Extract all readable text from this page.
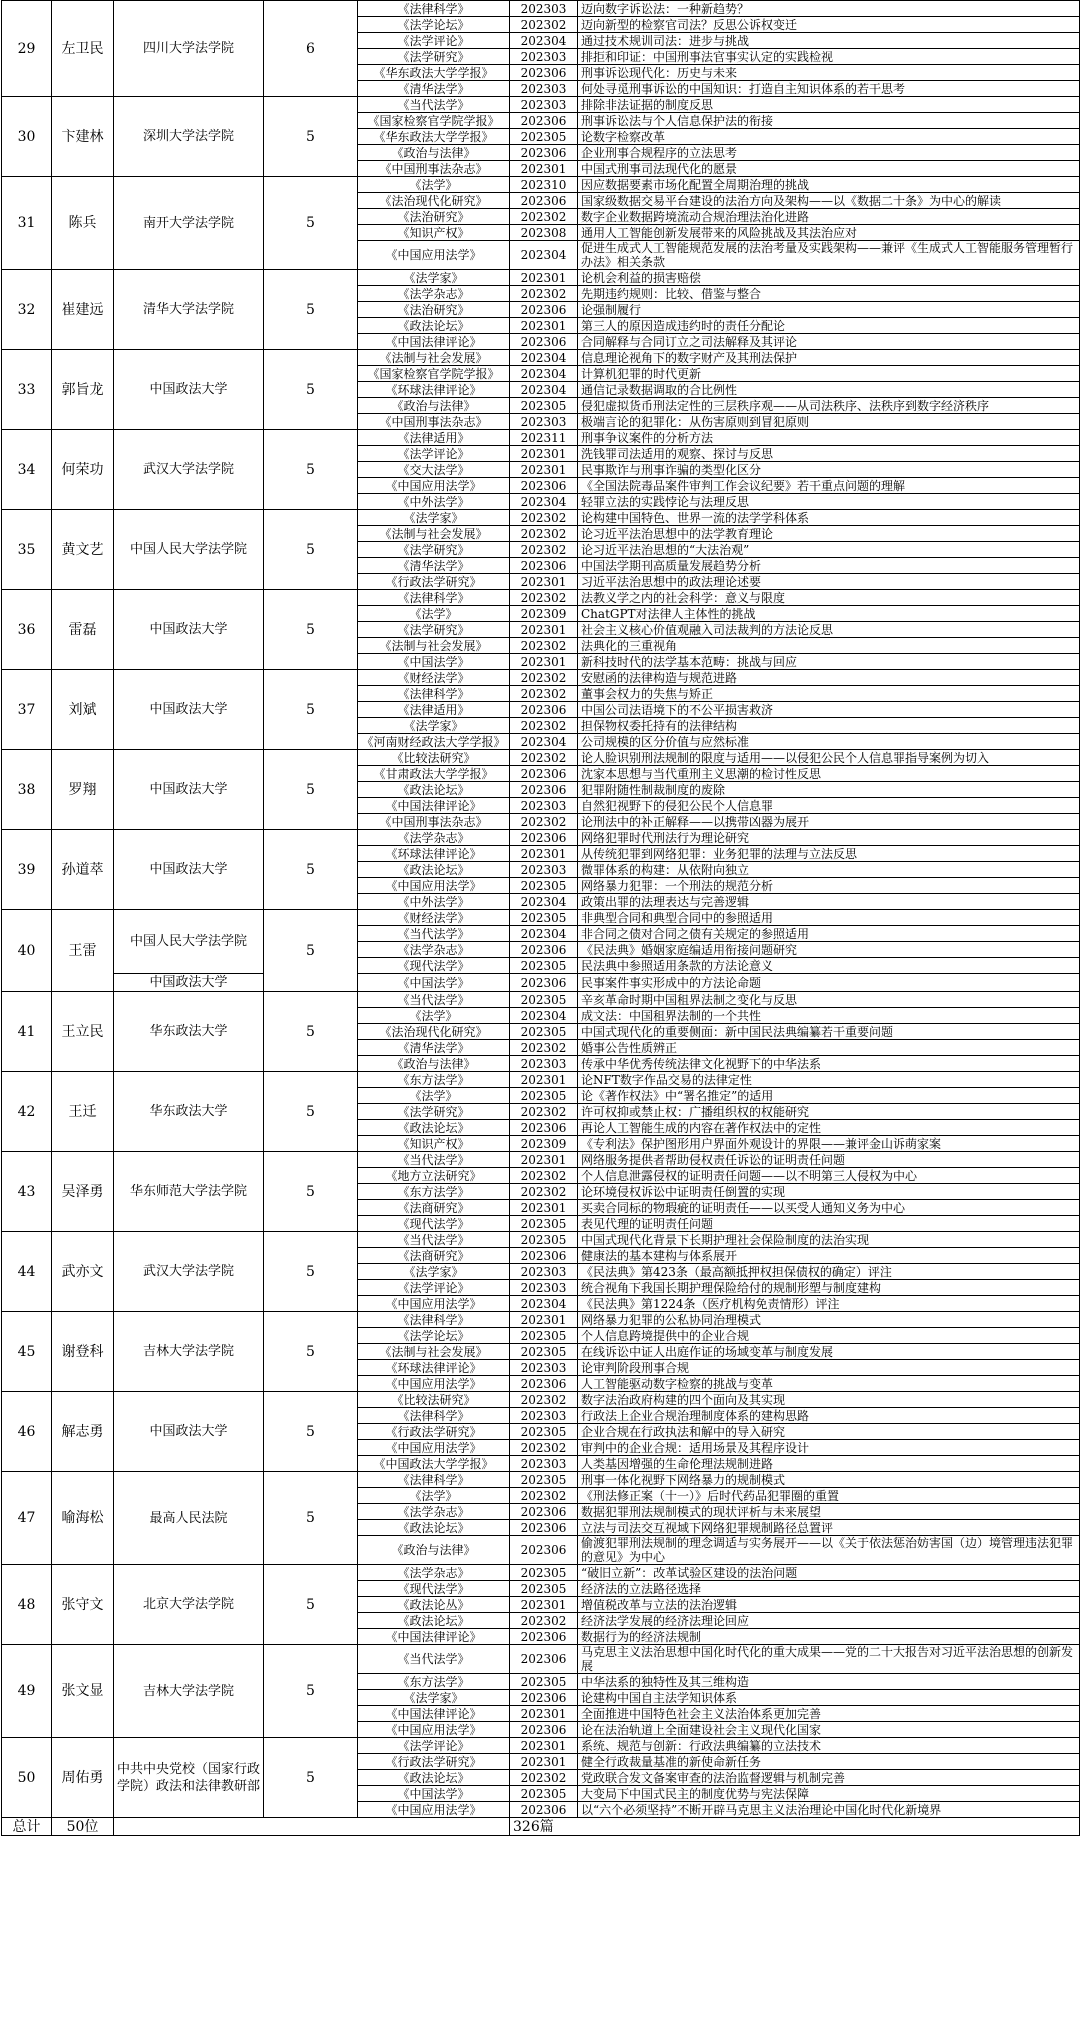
29	左卫民	四川大学法学院	6	《法律科学》	202303	迈向数字诉讼法：一种新趋势？
				《法学论坛》	202302	迈向新型的检察官司法？反思公诉权变迁
				《法学评论》	202304	通过技术规训司法：进步与挑战
				《法学研究》	202303	排拒和印证：中国刑事法官事实认定的实践检视
				《华东政法大学学报》	202306	刑事诉讼现代化：历史与未来
				《清华法学》	202303	何处寻觅刑事诉讼的中国知识：打造自主知识体系的若干思考
30	卞建林	深圳大学法学院	5	《当代法学》	202303	排除非法证据的制度反思
				《国家检察官学院学报》	202306	刑事诉讼法与个人信息保护法的衔接
				《华东政法大学学报》	202305	论数字检察改革
				《政治与法律》	202306	企业刑事合规程序的立法思考
				《中国刑事法杂志》	202301	中国式刑事司法现代化的愿景
31	陈兵	南开大学法学院	5	《法学》	202310	因应数据要素市场化配置全周期治理的挑战
				《法治现代化研究》	202306	国家级数据交易平台建设的法治方向及架构——以《数据二十条》为中心的解读
				《法治研究》	202302	数字企业数据跨境流动合规治理法治化进路
				《知识产权》	202308	通用人工智能创新发展带来的风险挑战及其法治应对
				《中国应用法学》	202304	促进生成式人工智能规范发展的法治考量及实践架构——兼评《生成式人工智能服务管理暂行办法》相关条款
32	崔建远	清华大学法学院	5	《法学家》	202301	论机会利益的损害赔偿
				《法学杂志》	202302	先期违约规则：比较、借鉴与整合
				《法治研究》	202306	论强制履行
				《政法论坛》	202301	第三人的原因造成违约时的责任分配论
				《中国法律评论》	202306	合同解释与合同订立之司法解释及其评论
33	郭旨龙	中国政法大学	5	《法制与社会发展》	202304	信息理论视角下的数字财产及其刑法保护
				《国家检察官学院学报》	202304	计算机犯罪的时代更新
				《环球法律评论》	202304	通信记录数据调取的合比例性
				《政治与法律》	202305	侵犯虚拟货币刑法定性的三层秩序观——从司法秩序、法秩序到数字经济秩序
				《中国刑事法杂志》	202303	极端言论的犯罪化：从伤害原则到冒犯原则
34	何荣功	武汉大学法学院	5	《法律适用》	202311	刑事争议案件的分析方法
				《法学评论》	202301	洗钱罪司法适用的观察、探讨与反思
				《交大法学》	202301	民事欺诈与刑事诈骗的类型化区分
				《中国应用法学》	202306	《全国法院毒品案件审判工作会议纪要》若干重点问题的理解
				《中外法学》	202304	轻罪立法的实践悖论与法理反思
35	黄文艺	中国人民大学法学院	5	《法学家》	202302	论构建中国特色、世界一流的法学学科体系
				《法制与社会发展》	202302	论习近平法治思想中的法学教育理论
				《法学研究》	202302	论习近平法治思想的“大法治观”
				《清华法学》	202306	中国法学期刊高质量发展趋势分析
				《行政法学研究》	202301	习近平法治思想中的政法理论述要
36	雷磊	中国政法大学	5	《法律科学》	202302	法教义学之内的社会科学：意义与限度
				《法学》	202309	ChatGPT对法律人主体性的挑战
				《法学研究》	202301	社会主义核心价值观融入司法裁判的方法论反思
				《法制与社会发展》	202302	法典化的三重视角
				《中国法学》	202301	新科技时代的法学基本范畴：挑战与回应
37	刘斌	中国政法大学	5	《财经法学》	202302	安慰函的法律构造与规范进路
				《法律科学》	202302	董事会权力的失焦与矫正
				《法律适用》	202306	中国公司法语境下的不公平损害救济
				《法学家》	202302	担保物权委托持有的法律结构
				《河南财经政法大学学报》	202304	公司规模的区分价值与应然标准
38	罗翔	中国政法大学	5	《比较法研究》	202302	论人脸识别刑法规制的限度与适用——以侵犯公民个人信息罪指导案例为切入
				《甘肃政法大学学报》	202306	沈家本思想与当代重刑主义思潮的检讨性反思
				《政法论坛》	202306	犯罪附随性制裁制度的废除
				《中国法律评论》	202303	自然犯视野下的侵犯公民个人信息罪
				《中国刑事法杂志》	202302	论刑法中的补正解释——以携带凶器为展开
39	孙道萃	中国政法大学	5	《法学杂志》	202306	网络犯罪时代刑法行为理论研究
				《环球法律评论》	202301	从传统犯罪到网络犯罪：业务犯罪的法理与立法反思
				《政法论坛》	202303	微罪体系的构建：从依附向独立
				《中国应用法学》	202305	网络暴力犯罪：一个刑法的规范分析
				《中外法学》	202304	政策出罪的法理表达与完善逻辑
40	王雷	中国人民大学法学院	5	《财经法学》	202305	非典型合同和典型合同中的参照适用
				《当代法学》	202304	非合同之债对合同之债有关规定的参照适用
				《法学杂志》	202306	《民法典》婚姻家庭编适用衔接问题研究
				《现代法学》	202305	民法典中参照适用条款的方法论意义
		中国政法大学		《中国法学》	202306	民事案件事实形成中的方法论命题
41	王立民	华东政法大学	5	《当代法学》	202305	辛亥革命时期中国租界法制之变化与反思
				《法学》	202304	成文法：中国租界法制的一个共性
				《法治现代化研究》	202305	中国式现代化的重要侧面：新中国民法典编纂若干重要问题
				《清华法学》	202302	婚事公告性质辨正
				《政治与法律》	202303	传承中华优秀传统法律文化视野下的中华法系
42	王迁	华东政法大学	5	《东方法学》	202301	论NFT数字作品交易的法律定性
				《法学》	202305	论《著作权法》中“署名推定”的适用
				《法学研究》	202302	许可权抑或禁止权：广播组织权的权能研究
				《政法论坛》	202306	再论人工智能生成的内容在著作权法中的定性
				《知识产权》	202309	《专利法》保护图形用户界面外观设计的界限——兼评金山诉萌家案
43	吴泽勇	华东师范大学法学院	5	《当代法学》	202301	网络服务提供者帮助侵权责任诉讼的证明责任问题
				《地方立法研究》	202302	个人信息泄露侵权的证明责任问题——以不明第三人侵权为中心
				《东方法学》	202302	论环境侵权诉讼中证明责任倒置的实现
				《法商研究》	202301	买卖合同标的物瑕疵的证明责任——以买受人通知义务为中心
				《现代法学》	202305	表见代理的证明责任问题
44	武亦文	武汉大学法学院	5	《当代法学》	202305	中国式现代化背景下长期护理社会保险制度的法治实现
				《法商研究》	202306	健康法的基本建构与体系展开
				《法学家》	202303	《民法典》第423条（最高额抵押权担保债权的确定）评注
				《法学评论》	202303	统合视角下我国长期护理保险给付的规制形塑与制度建构
				《中国应用法学》	202304	《民法典》第1224条（医疗机构免责情形）评注
45	谢登科	吉林大学法学院	5	《法律科学》	202301	网络暴力犯罪的公私协同治理模式
				《法学论坛》	202305	个人信息跨境提供中的企业合规
				《法制与社会发展》	202305	在线诉讼中证人出庭作证的场域变革与制度发展
				《环球法律评论》	202303	论审判阶段刑事合规
				《中国应用法学》	202306	人工智能驱动数字检察的挑战与变革
46	解志勇	中国政法大学	5	《比较法研究》	202302	数字法治政府构建的四个面向及其实现
				《法律科学》	202303	行政法上企业合规治理制度体系的建构思路
				《行政法学研究》	202305	企业合规在行政执法和解中的导入研究
				《中国应用法学》	202302	审判中的企业合规：适用场景及其程序设计
				《中国政法大学学报》	202303	人类基因增强的生命伦理法规制进路
47	喻海松	最高人民法院	5	《法律科学》	202305	刑事一体化视野下网络暴力的规制模式
				《法学》	202302	《刑法修正案（十一）》后时代药品犯罪圈的重置
				《法学杂志》	202306	数据犯罪刑法规制模式的现状评析与未来展望
				《政法论坛》	202306	立法与司法交互视域下网络犯罪规制路径总置评
				《政治与法律》	202306	偷渡犯罪刑法规制的理念调适与实务展开——以《关于依法惩治妨害国（边）境管理违法犯罪的意见》为中心
48	张守文	北京大学法学院	5	《法学杂志》	202305	“破旧立新”：改革试验区建设的法治问题
				《现代法学》	202305	经济法的立法路径选择
				《政法论丛》	202301	增值税改革与立法的法治逻辑
				《政法论坛》	202302	经济法学发展的经济法理论回应
				《中国法律评论》	202306	数据行为的经济法规制
49	张文显	吉林大学法学院	5	《当代法学》	202306	马克思主义法治思想中国化时代化的重大成果——党的二十大报告对习近平法治思想的创新发展
				《东方法学》	202305	中华法系的独特性及其三维构造
				《法学家》	202306	论建构中国自主法学知识体系
				《中国法律评论》	202301	全面推进中国特色社会主义法治体系更加完善
				《中国应用法学》	202306	论在法治轨道上全面建设社会主义现代化国家
50	周佑勇	中共中央党校（国家行政学院）政法和法律教研部	5	《法学评论》	202301	系统、规范与创新：行政法典编纂的立法技术
				《行政法学研究》	202301	健全行政裁量基准的新使命新任务
				《政法论坛》	202302	党政联合发文备案审查的法治监督逻辑与机制完善
				《中国法学》	202305	大变局下中国式民主的制度优势与宪法保障
				《中国应用法学》	202306	以“六个必须坚持”不断开辟马克思主义法治理论中国化时代化新境界
总计	50位				326篇	
